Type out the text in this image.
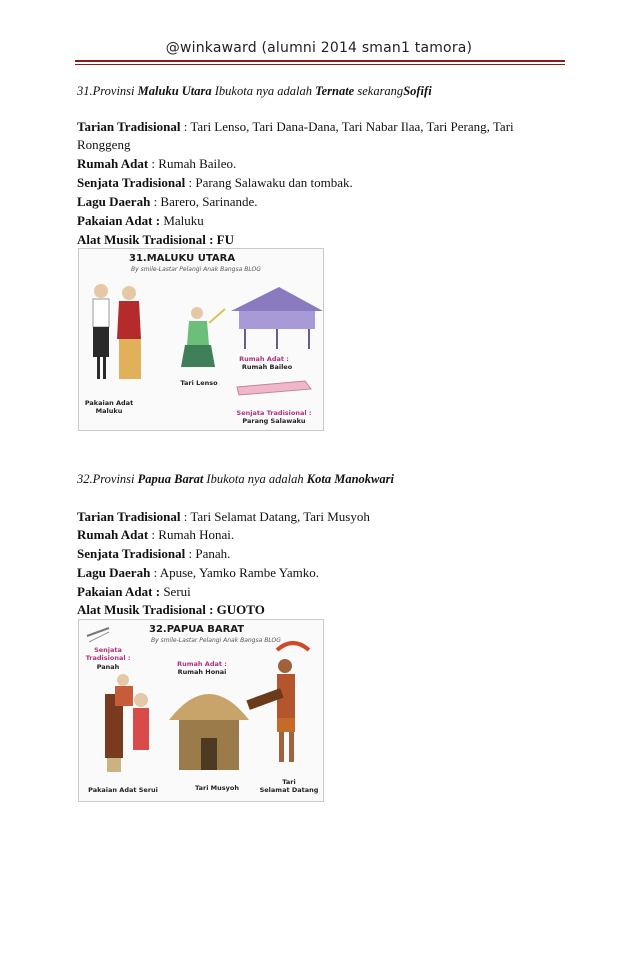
@winkaward (alumni 2014 sman1 tamora)
31.Provinsi Maluku Utara Ibukota nya adalah Ternate sekarangSofifi
Tarian Tradisional : Tari Lenso, Tari Dana-Dana, Tari Nabar Ilaa, Tari Perang, Tari Ronggeng
Rumah Adat : Rumah Baileo.
Senjata Tradisional : Parang Salawaku dan tombak.
Lagu Daerah : Barero, Sarinande.
Pakaian Adat : Maluku
Alat Musik Tradisional : FU
31.MALUKU UTARA
By smile-Lastar Pelangi Anak Bangsa BLOG
Pakaian Adat
Maluku
Tari Lenso
Rumah Adat :
Rumah Baileo
Senjata Tradisional :
Parang Salawaku
32.Provinsi Papua Barat Ibukota nya adalah Kota Manokwari
Tarian Tradisional : Tari Selamat Datang, Tari Musyoh
Rumah Adat : Rumah Honai.
Senjata Tradisional : Panah.
Lagu Daerah : Apuse, Yamko Rambe Yamko.
Pakaian Adat : Serui
Alat Musik Tradisional : GUOTO
32.PAPUA BARAT
By smile-Lastar Pelangi Anak Bangsa BLOG
Senjata
Tradisional :
Panah	Rumah Adat :
Rumah Honai
Pakaian Adat Serui	Tari Musyoh
Tari
Selamat Datang
